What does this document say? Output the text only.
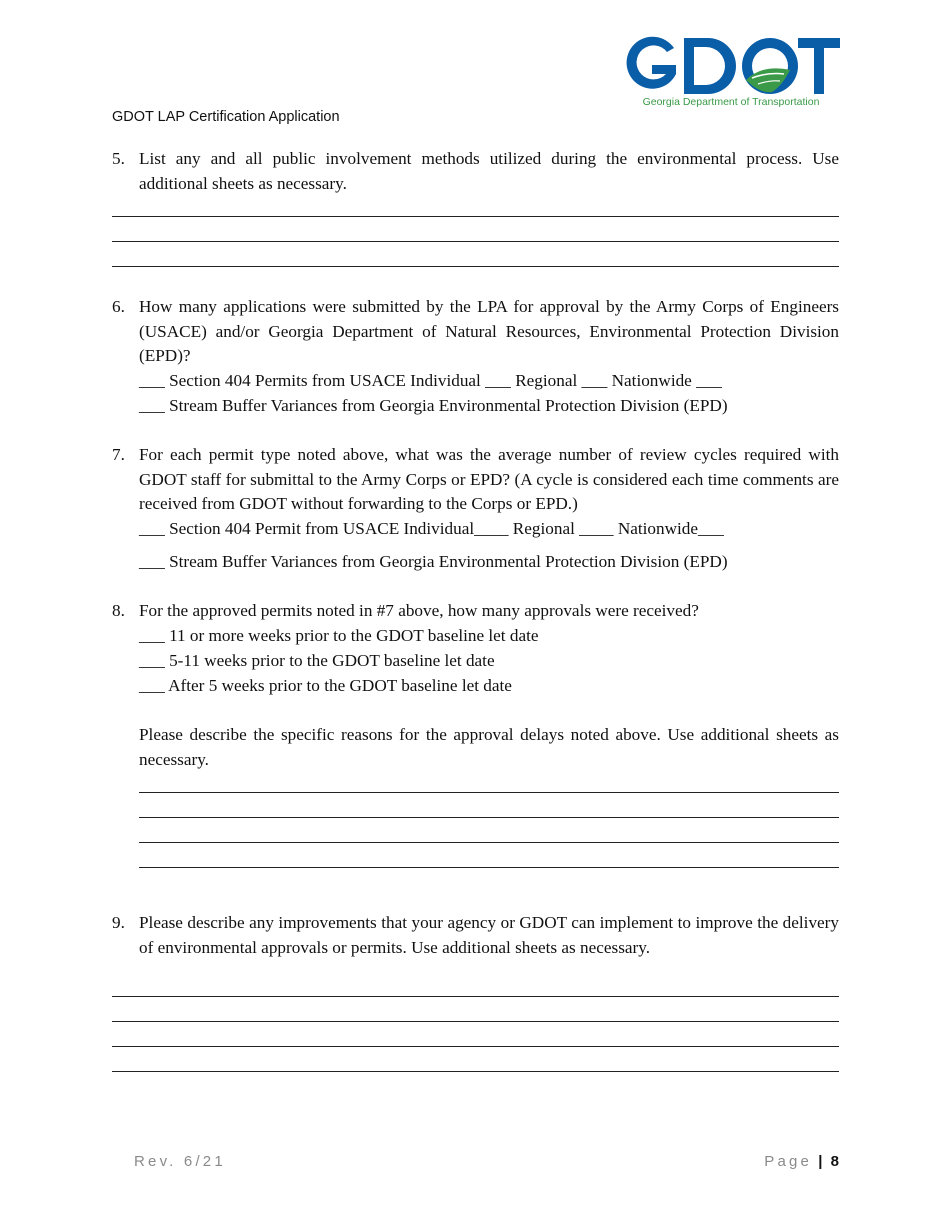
Georgia Department of Transportation
GDOT LAP Certification Application
5. List any and all public involvement methods utilized during the environmental process. Use additional sheets as necessary.
6. How many applications were submitted by the LPA for approval by the Army Corps of Engineers (USACE) and/or Georgia Department of Natural Resources, Environmental Protection Division (EPD)?
___ Section 404 Permits from USACE Individual ___ Regional ___ Nationwide ___
___ Stream Buffer Variances from Georgia Environmental Protection Division (EPD)
7. For each permit type noted above, what was the average number of review cycles required with GDOT staff for submittal to the Army Corps or EPD? (A cycle is considered each time comments are received from GDOT without forwarding to the Corps or EPD.)
___ Section 404 Permit from USACE Individual____ Regional ____ Nationwide___
___ Stream Buffer Variances from Georgia Environmental Protection Division (EPD)
8. For the approved permits noted in #7 above, how many approvals were received?
___ 11 or more weeks prior to the GDOT baseline let date
___ 5-11 weeks prior to the GDOT baseline let date
___ After 5 weeks prior to the GDOT baseline let date
Please describe the specific reasons for the approval delays noted above. Use additional sheets as necessary.
9. Please describe any improvements that your agency or GDOT can implement to improve the delivery of environmental approvals or permits. Use additional sheets as necessary.
Rev. 6/21	Page | 8
